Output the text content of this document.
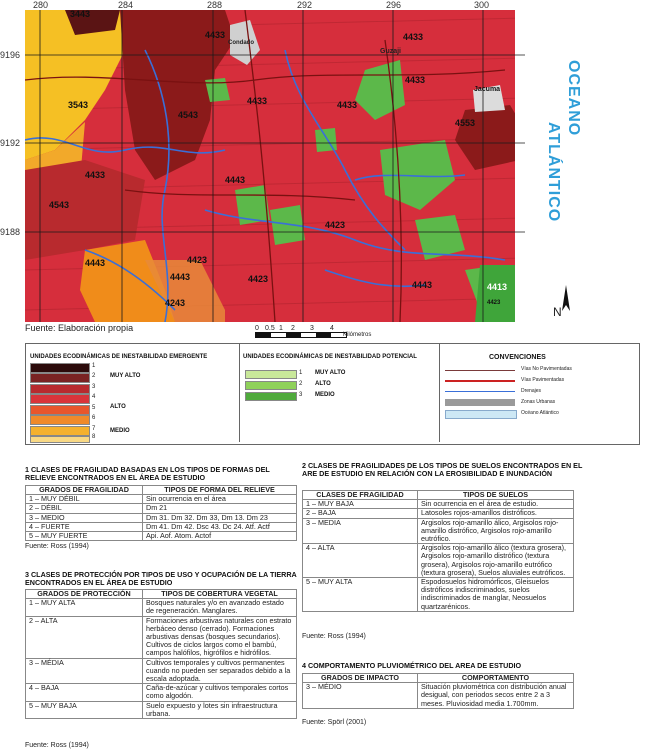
3443
3543
4543
4553
4433	4433
4433
4433
4433
4423
4443
4443
4413
4243
4423
4423
4443
4443
4543
4433
4423
Condado
Guzaji
Jacuma
280	284	288	292	296	300
9196
9192
9188
OCEANO
ATLÁNTICO
N
Fuente: Elaboración propia	0 0.5 1	2	3	4
Kilómetros
UNIDADES ECODINÁMICAS DE INESTABILIDAD EMERGENTE
1
2
3
4
5
6
7
8
MUY ALTO
ALTO
MEDIO
UNIDADES ECODINÁMICAS DE INESTABILIDAD POTENCIAL
1
2
3
MUY ALTO
ALTO
MEDIO
CONVENCIONES
Vías No Pavimentadas
Vías Pavimentadas
Drenajes
Zonas Urbanas
Océano Atlántico
1 CLASES DE FRAGILIDAD BASADAS EN LOS TIPOS DE FORMAS DEL RELIEVE ENCONTRADOS EN EL ÁREA DE ESTUDIO
GRADOS DE FRAGILIDAD	TIPOS DE FORMA DEL RELIEVE
1 – MUY DÉBIL	Sin ocurrencia en el área
2 – DÉBIL	Dm 21
3 – MEDIO	Dm 31. Dm 32. Dm 33, Dm 13. Dm 23
4 – FUERTE	Dm 41. Dm 42. Dsc 43. Dc 24. Atf. Actf
5 – MUY FUERTE	Api. Aof. Atom. Actof
Fuente: Ross (1994)
3 CLASES DE PROTECCIÓN POR TIPOS DE USO Y OCUPACIÓN DE LA TIERRA ENCONTRADOS EN EL ÁREA DE ESTUDIO
GRADOS DE PROTECCIÓN	TIPOS DE COBERTURA VEGETAL
1 – MUY ALTA	Bosques naturales y/o en avanzado estado de regeneración. Manglares.
2 – ALTA	Formaciones arbustivas naturales con estrato herbáceo denso (cerrado). Formaciones arbustivas densas (bosques secundarios). Cultivos de ciclos largos como el bambú, campos halófilos, higrófilos e hidrófilos.
3 – MÉDIA	Cultivos temporales y cultivos permanentes cuando no pueden ser separados debido a la escala adoptada.
4 – BAJA	Caña-de-azúcar y cultivos temporales cortos como algodón.
5 – MUY BAJA	Suelo expuesto y lotes sin infraestructura urbana.
Fuente: Ross (1994)
2 CLASES DE FRAGILIDADES DE LOS TIPOS DE SUELOS ENCONTRADOS EN EL ARE DE ESTUDIO EN RELACIÓN CON LA EROSIBILIDAD E INUNDACIÓN
CLASES DE FRAGILIDAD	TIPOS DE SUELOS
1 – MUY BAJA	Sin ocurrencia en el área de estudio.
2 – BAJA	Latosoles rojos-amarillos distróficos.
3 – MEDIA	Argisolos rojo-amarillo álico, Argisolos rojo-amarillo distrófico, Argisolos rojo-amarillo eutrófico.
4 – ALTA	Argisolos rojo-amarillo álico (textura grosera), Argisolos rojo-amarillo distrófico (textura grosera), Argisolos rojo-amarillo eutrófico (textura grosera), Suelos aluviales eutróficos.
5 – MUY ALTA	Espodosuelos hidromórficos, Gleisuelos distróficos indiscriminados, suelos indiscriminados de manglar, Neosuelos quartzarénicos.
Fuente: Ross (1994)
4 COMPORTAMENTO PLUVIOMÉTRICO DEL AREA DE ESTUDIO
GRADOS DE IMPACTO	COMPORTAMENTO
3 – MÉDIO	Situación pluviométrica con distribución anual desigual, con periodos secos entre 2 a 3 meses. Pluviosidad media 1.700mm.
Fuente: Spörl (2001)
